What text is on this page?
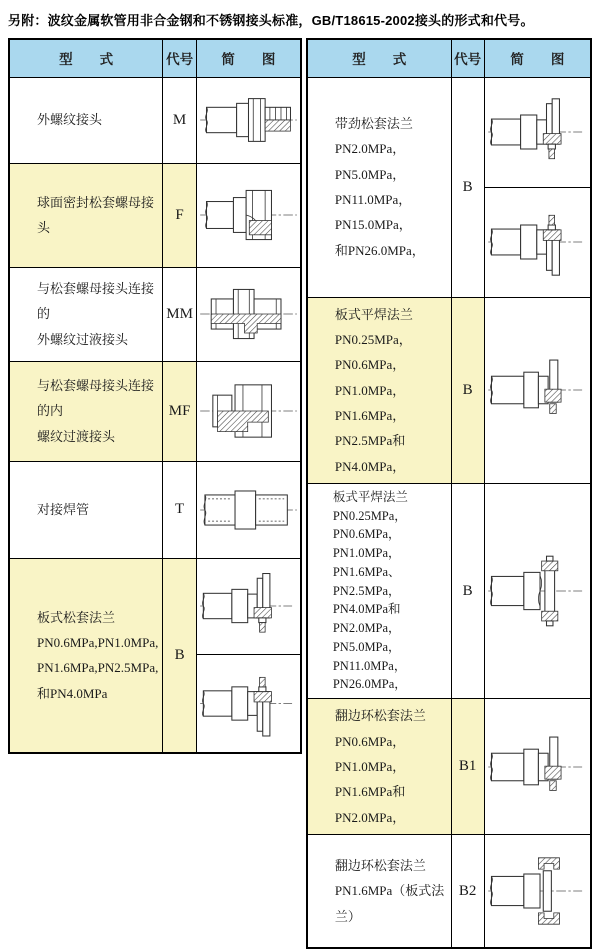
另附：波纹金属软管用非合金钢和不锈钢接头标准，GB/T18615-2002接头的形式和代号。
型　　式	代号	简　　图

外螺纹接头	M	

球面密封松套螺母接头	F	

与松套螺母接头连接的
外螺纹过液接头	MM	

与松套螺母接头连接的内
螺纹过渡接头	MF	

对接焊管	T	

板式松套法兰
PN0.6MPa,PN1.0MPa,
PN1.6MPa,PN2.5MPa,
和PN4.0MPa	B	

型　　式	代号	简　　图

带劲松套法兰
PN2.0MPa，PN5.0MPa，
PN11.0MPa，PN15.0MPa，
和PN26.0MPa，	B	

板式平焊法兰
PN0.25MPa，PN0.6MPa，
PN1.0MPa，PN1.6MPa，
PN2.5MPa和PN4.0MPa，	B	

板式平焊法兰
PN0.25MPa，PN0.6MPa，
PN1.0MPa，PN1.6MPa、
PN2.5MPa，PN4.0MPa和
PN2.0MPa，PN5.0MPa，
PN11.0MPa，PN26.0MPa，
	B	

翻边环松套法兰
PN0.6MPa，PN1.0MPa，
PN1.6MPa和PN2.0MPa，	B1	

翻边环松套法兰
PN1.6MPa（板式法兰）	B2	
